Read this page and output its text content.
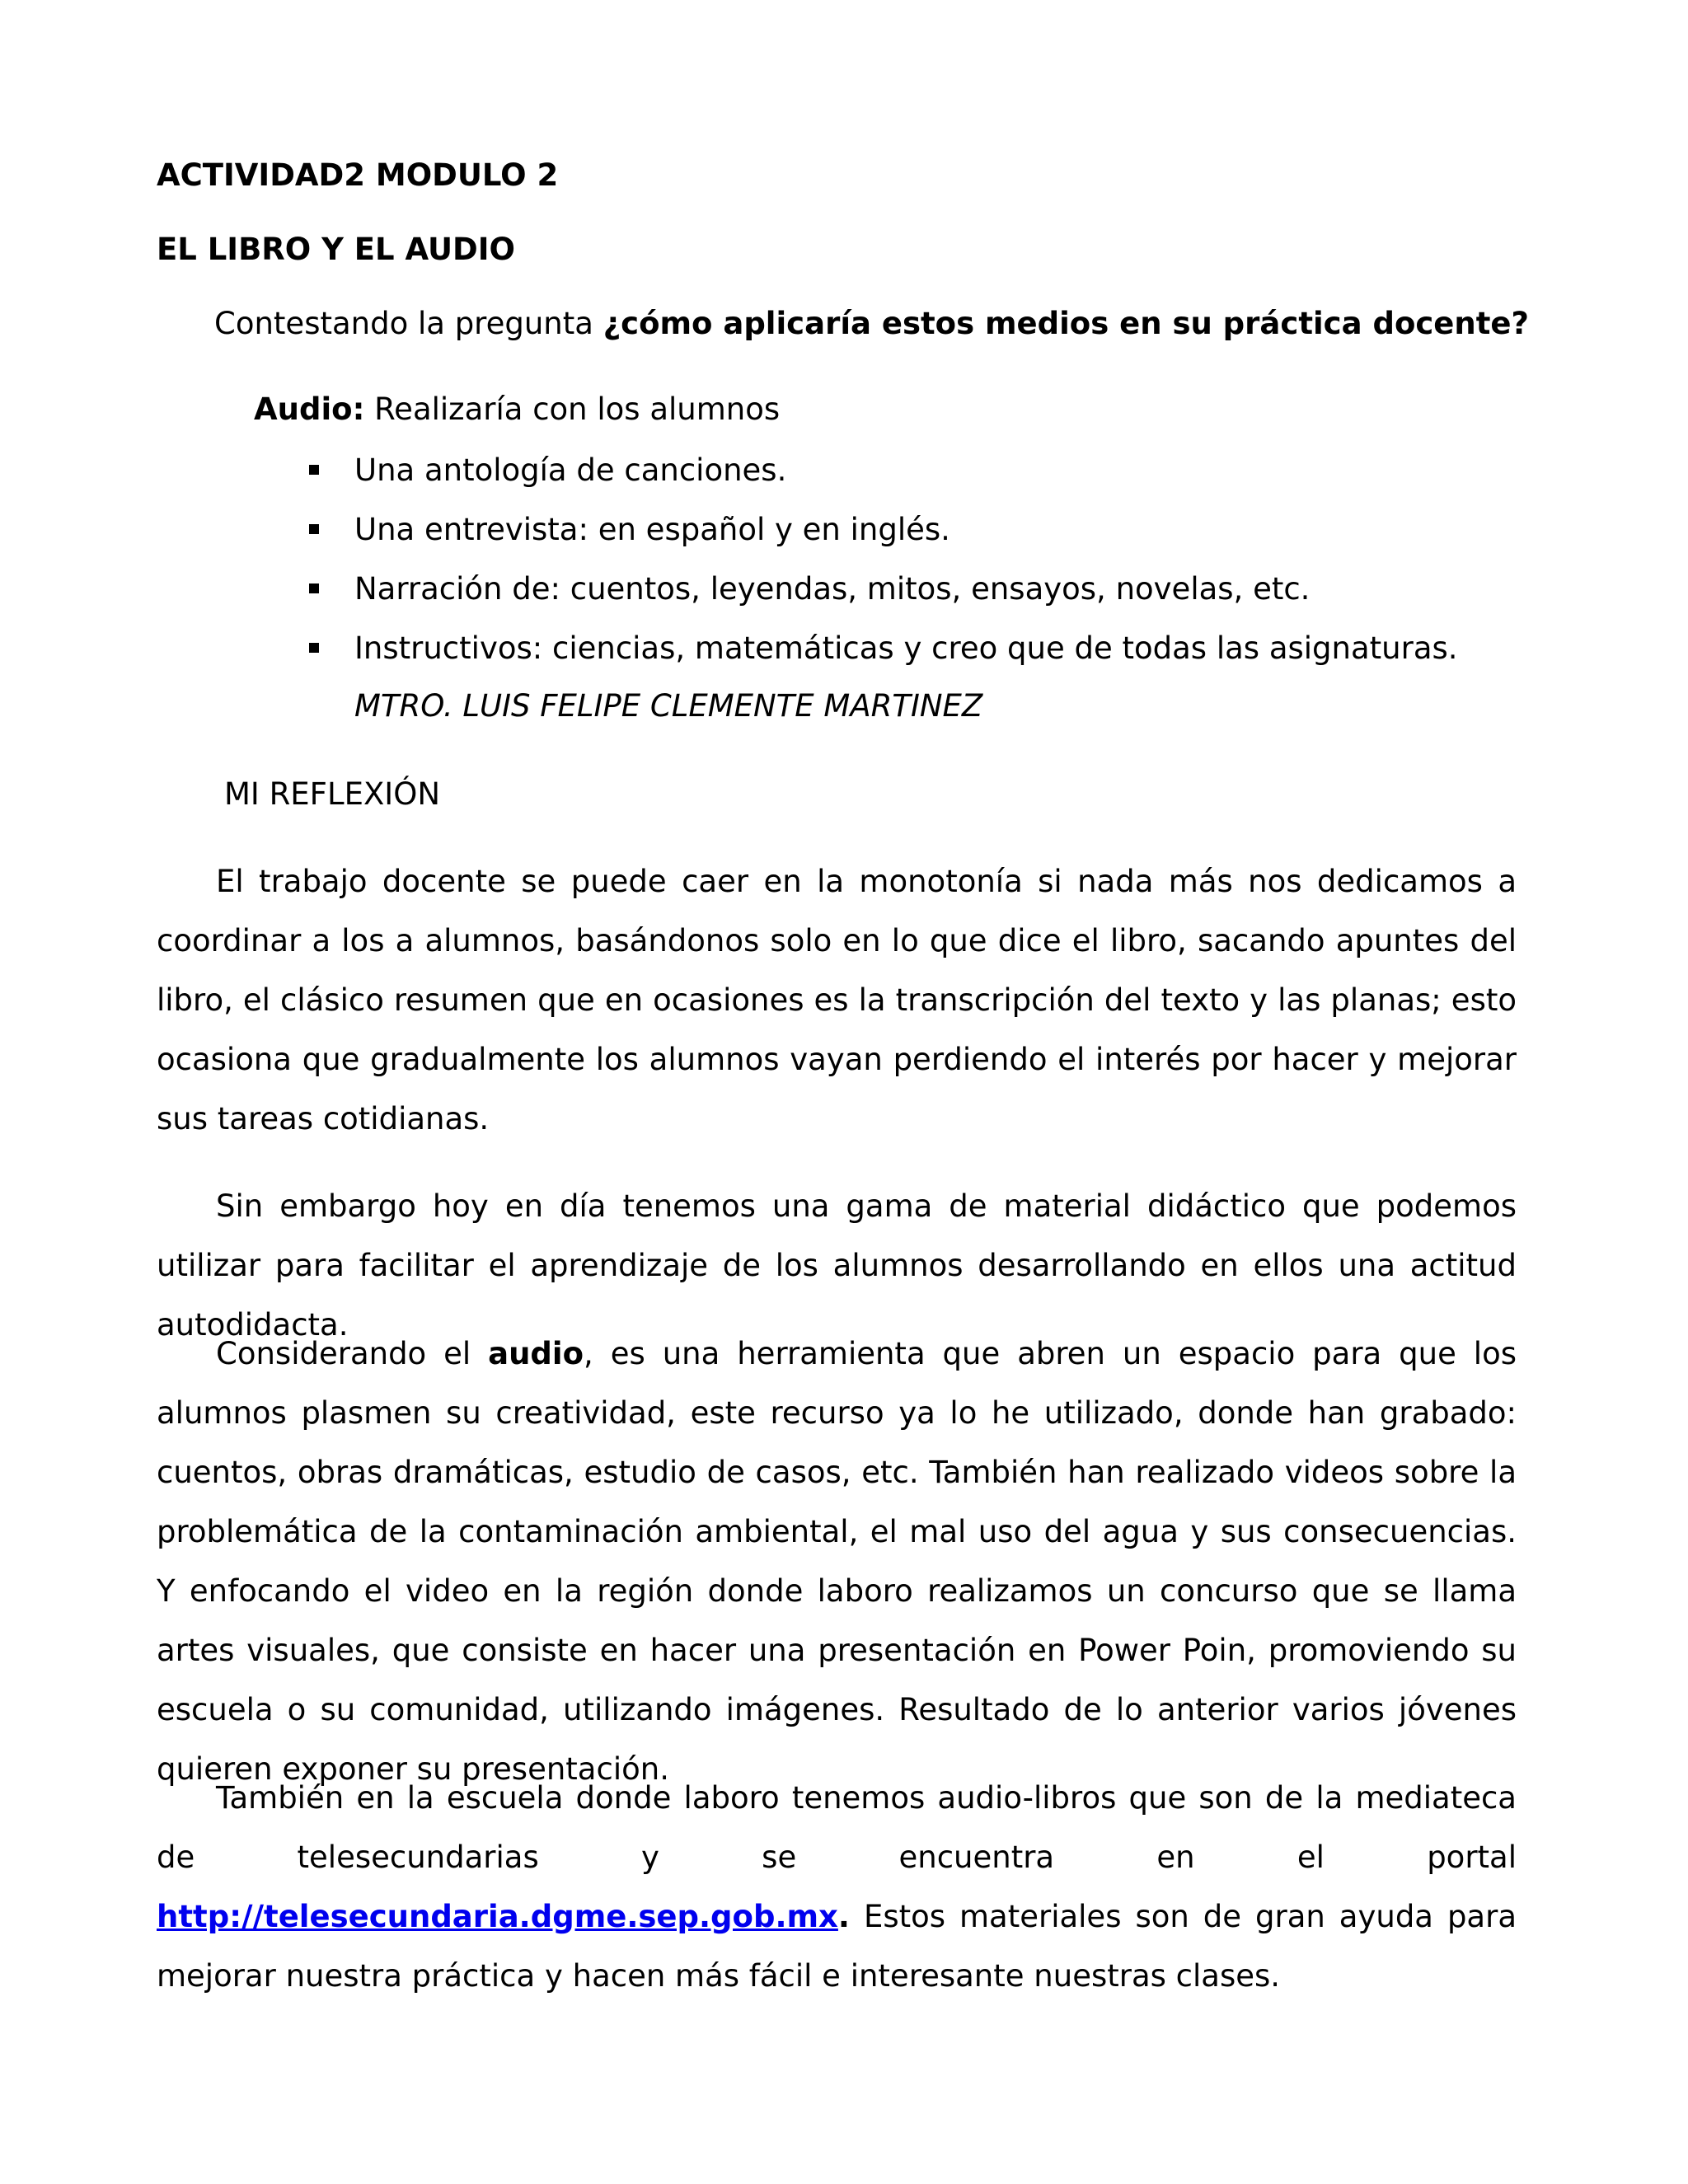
ACTIVIDAD2 MODULO 2
EL LIBRO Y EL AUDIO
Contestando la pregunta ¿cómo aplicaría estos medios en su práctica docente?
Audio: Realizaría con los alumnos
Una antología de canciones.
Una entrevista: en español y en inglés.
Narración de: cuentos, leyendas, mitos, ensayos, novelas, etc.
Instructivos: ciencias, matemáticas y creo que de todas las asignaturas.
MTRO. LUIS FELIPE CLEMENTE MARTINEZ
MI REFLEXIÓN

El trabajo docente se puede caer en la monotonía si nada más nos dedicamos a coordinar a los a alumnos, basándonos solo en lo que dice el libro, sacando apuntes del libro, el clásico resumen que en ocasiones es la transcripción del texto y las planas; esto ocasiona que gradualmente los alumnos vayan perdiendo el interés por hacer y mejorar sus tareas cotidianas.

Sin embargo hoy en día tenemos una gama de material didáctico que podemos utilizar para facilitar el aprendizaje de los alumnos desarrollando en ellos una actitud autodidacta.

Considerando el audio, es una herramienta que abren un espacio para que los alumnos plasmen su creatividad, este recurso ya lo he utilizado, donde han grabado: cuentos, obras dramáticas, estudio de casos, etc. También han realizado videos sobre la problemática de la contaminación ambiental, el mal uso del agua y sus consecuencias. Y enfocando el video en la región donde laboro realizamos un concurso que se llama artes visuales, que consiste en hacer una presentación en Power Poin, promoviendo su escuela o su comunidad, utilizando imágenes. Resultado de lo anterior varios jóvenes quieren exponer su presentación.

También en la escuela donde laboro tenemos audio-libros que son de la mediateca de telesecundarias y se encuentra en el portal http://telesecundaria.dgme.sep.gob.mx. Estos materiales son de gran ayuda para mejorar nuestra práctica y hacen más fácil e interesante nuestras clases.
